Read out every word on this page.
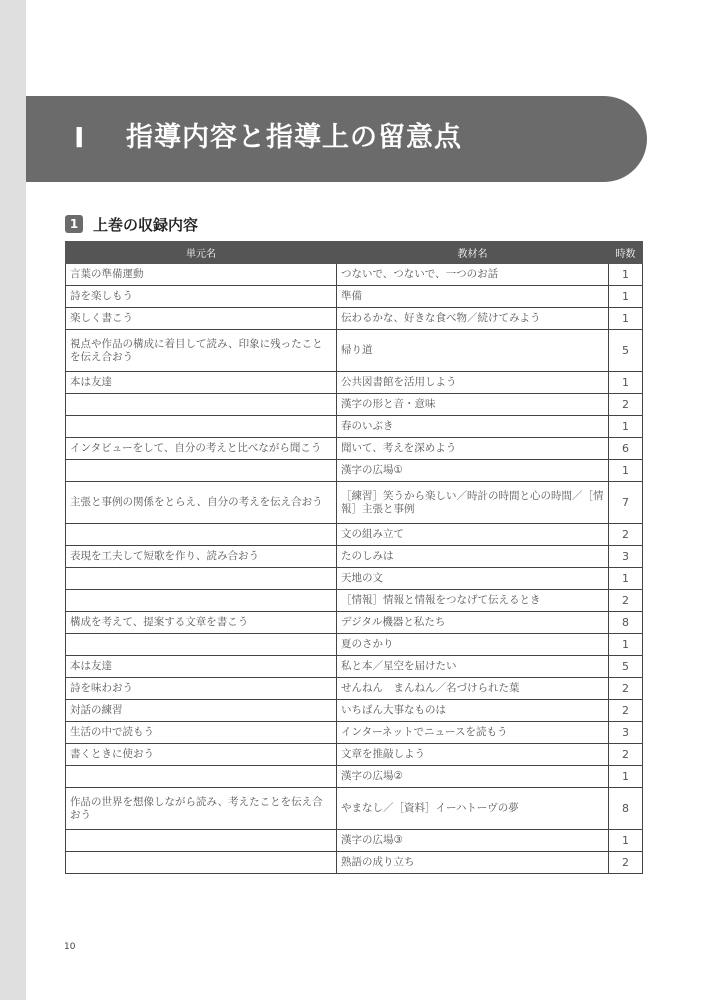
Ⅰ 指導内容と指導上の留意点
1 上巻の収録内容
単元名	教材名	時数
言葉の準備運動	つないで、つないで、一つのお話	1
詩を楽しもう	準備	1
楽しく書こう	伝わるかな、好きな食べ物／続けてみよう	1
視点や作品の構成に着目して読み、印象に残ったことを伝え合おう	帰り道	5
本は友達	公共図書館を活用しよう	1
	漢字の形と音・意味	2
	春のいぶき	1
インタビューをして、自分の考えと比べながら聞こう	聞いて、考えを深めよう	6
	漢字の広場①	1
主張と事例の関係をとらえ、自分の考えを伝え合おう	［練習］笑うから楽しい／時計の時間と心の時間／［情報］主張と事例	7
	文の組み立て	2
表現を工夫して短歌を作り、読み合おう	たのしみは	3
	天地の文	1
	［情報］情報と情報をつなげて伝えるとき	2
構成を考えて、提案する文章を書こう	デジタル機器と私たち	8
	夏のさかり	1
本は友達	私と本／星空を届けたい	5
詩を味わおう	せんねん　まんねん／名づけられた葉	2
対話の練習	いちばん大事なものは	2
生活の中で読もう	インターネットでニュースを読もう	3
書くときに使おう	文章を推敲しよう	2
	漢字の広場②	1
作品の世界を想像しながら読み、考えたことを伝え合おう	やまなし／［資料］イーハトーヴの夢	8
	漢字の広場③	1
	熟語の成り立ち	2
10
